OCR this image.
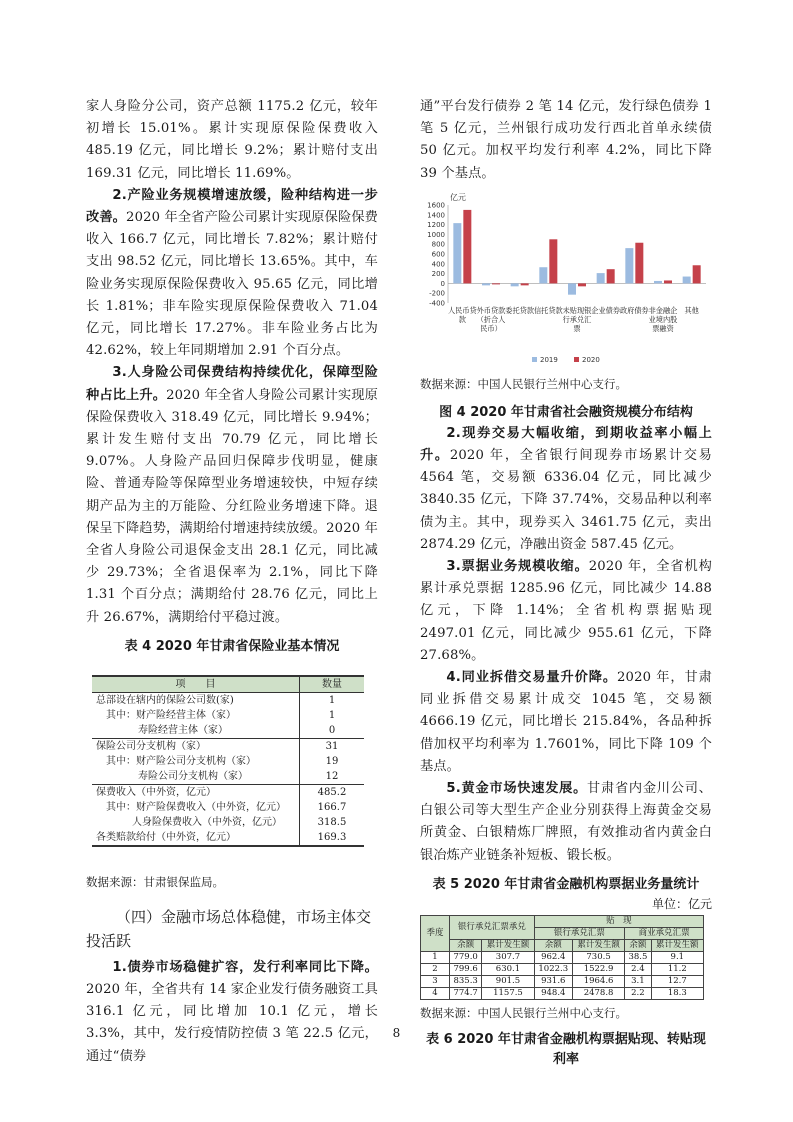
家人身险分公司，资产总额 1175.2 亿元，较年初增长 15.01%。累计实现原保险保费收入 485.19 亿元，同比增长 9.2%；累计赔付支出 169.31 亿元，同比增长 11.69%。

2.产险业务规模增速放缓，险种结构进一步改善。2020 年全省产险公司累计实现原保险保费收入 166.7 亿元，同比增长 7.82%；累计赔付支出 98.52 亿元，同比增长 13.65%。其中，车险业务实现原保险保费收入 95.65 亿元，同比增长 1.81%；非车险实现原保险保费收入 71.04 亿元，同比增长 17.27%。非车险业务占比为 42.62%，较上年同期增加 2.91 个百分点。

3.人身险公司保费结构持续优化，保障型险种占比上升。2020 年全省人身险公司累计实现原保险保费收入 318.49 亿元，同比增长 9.94%；累计发生赔付支出 70.79 亿元，同比增长 9.07%。人身险产品回归保障步伐明显，健康险、普通寿险等保障型业务增速较快，中短存续期产品为主的万能险、分红险业务增速下降。退保呈下降趋势，满期给付增速持续放缓。2020 年全省人身险公司退保金支出 28.1 亿元，同比减少 29.73%；全省退保率为 2.1%，同比下降 1.31 个百分点；满期给付 28.76 亿元，同比上升 26.67%，满期给付平稳过渡。

表 4 2020 年甘肃省保险业基本情况

项　　目	数量
总部设在辖内的保险公司数(家)	1
其中：财产险经营主体（家）	1
寿险经营主体（家）	0
保险公司分支机构（家）	31
其中：财产险公司分支机构（家）	19
寿险公司分支机构（家）	12
保费收入（中外资，亿元）	485.2
其中：财产险保费收入（中外资，亿元）	166.7
人身险保费收入（中外资，亿元）	318.5
各类赔款给付（中外资，亿元）	169.3

数据来源：甘肃银保监局。

（四）金融市场总体稳健，市场主体交投活跃

1.债券市场稳健扩容，发行利率同比下降。2020 年，全省共有 14 家企业发行债务融资工具 316.1 亿元，同比增加 10.1 亿元，增长 3.3%，其中，发行疫情防控债 3 笔 22.5 亿元，通过“债券

通”平台发行债券 2 笔 14 亿元，发行绿色债券 1 笔 5 亿元，兰州银行成功发行西北首单永续债 50 亿元。加权平均发行利率 4.2%，同比下降 39 个基点。

亿元
1600
1400
1200
1000
800
600
400
200
0
-200
-400
人民币贷款
外币贷款（折合人民币）
委托贷款 信托贷款 未贴现银行承兑汇票
企业债券 政府债券 非金融企业境内股票融资
其他
2019	2020

数据来源：中国人民银行兰州中心支行。

图 4 2020 年甘肃省社会融资规模分布结构

2.现券交易大幅收缩，到期收益率小幅上升。2020 年，全省银行间现券市场累计交易 4564 笔，交易额 6336.04 亿元，同比减少 3840.35 亿元，下降 37.74%，交易品种以利率债为主。其中，现券买入 3461.75 亿元，卖出 2874.29 亿元，净融出资金 587.45 亿元。

3.票据业务规模收缩。2020 年，全省机构累计承兑票据 1285.96 亿元，同比减少 14.88 亿元，下降 1.14%；全省机构票据贴现 2497.01 亿元，同比减少 955.61 亿元，下降 27.68%。

4.同业拆借交易量升价降。2020 年，甘肃同业拆借交易累计成交 1045 笔，交易额 4666.19 亿元，同比增长 215.84%，各品种拆借加权平均利率为 1.7601%，同比下降 109 个基点。

5.黄金市场快速发展。甘肃省内金川公司、白银公司等大型生产企业分别获得上海黄金交易所黄金、白银精炼厂牌照，有效推动省内黄金白银冶炼产业链条补短板、锻长板。

表 5 2020 年甘肃省金融机构票据业务量统计

单位：亿元

季度	银行承兑汇票承兑		贴　现			
			银行承兑汇票		商业承兑汇票	
	余额	累计发生额	余额	累计发生额	余额	累计发生额
1	779.0	307.7	962.4	730.5	38.5	9.1
2	799.6	630.1	1022.3	1522.9	2.4	11.2
3	835.3	901.5	931.6	1964.6	3.1	12.7
4	774.7	1157.5	948.4	2478.8	2.2	18.3

数据来源：中国人民银行兰州中心支行。

表 6 2020 年甘肃省金融机构票据贴现、转贴现利率

8
